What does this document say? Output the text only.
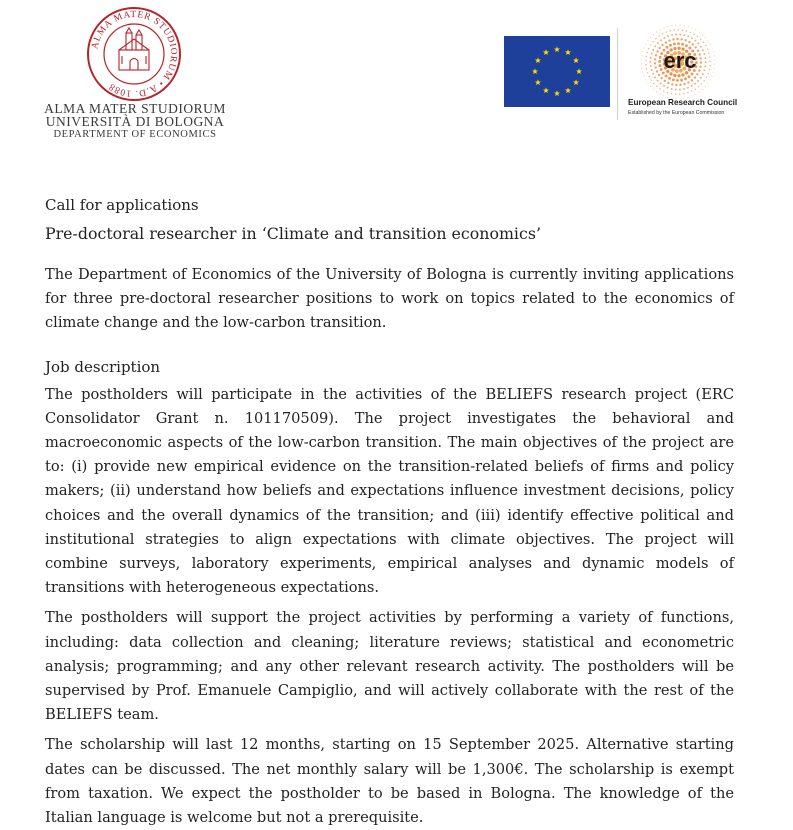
ALMA MATER STUDIORUM • A.D. 1088
ALMA MATER STUDIORUM
UNIVERSITÀ DI BOLOGNA
DEPARTMENT OF ECONOMICS
erc
European Research Council
Established by the European Commission

Call for applications

Pre-doctoral researcher in ‘Climate and transition economics’

The Department of Economics of the University of Bologna is currently inviting applications for three pre-doctoral researcher positions to work on topics related to the economics of climate change and the low-carbon transition.

Job description

The postholders will participate in the activities of the BELIEFS research project (ERC Consolidator Grant n. 101170509). The project investigates the behavioral and macroeconomic aspects of the low-carbon transition. The main objectives of the project are to: (i) provide new empirical evidence on the transition-related beliefs of firms and policy makers; (ii) understand how beliefs and expectations influence investment decisions, policy choices and the overall dynamics of the transition; and (iii) identify effective political and institutional strategies to align expectations with climate objectives. The project will combine surveys, laboratory experiments, empirical analyses and dynamic models of transitions with heterogeneous expectations.

The postholders will support the project activities by performing a variety of functions, including: data collection and cleaning; literature reviews; statistical and econometric analysis; programming; and any other relevant research activity. The postholders will be supervised by Prof. Emanuele Campiglio, and will actively collaborate with the rest of the BELIEFS team.

The scholarship will last 12 months, starting on 15 September 2025. Alternative starting dates can be discussed. The net monthly salary will be 1,300€. The scholarship is exempt from taxation. We expect the postholder to be based in Bologna. The knowledge of the Italian language is welcome but not a prerequisite.
